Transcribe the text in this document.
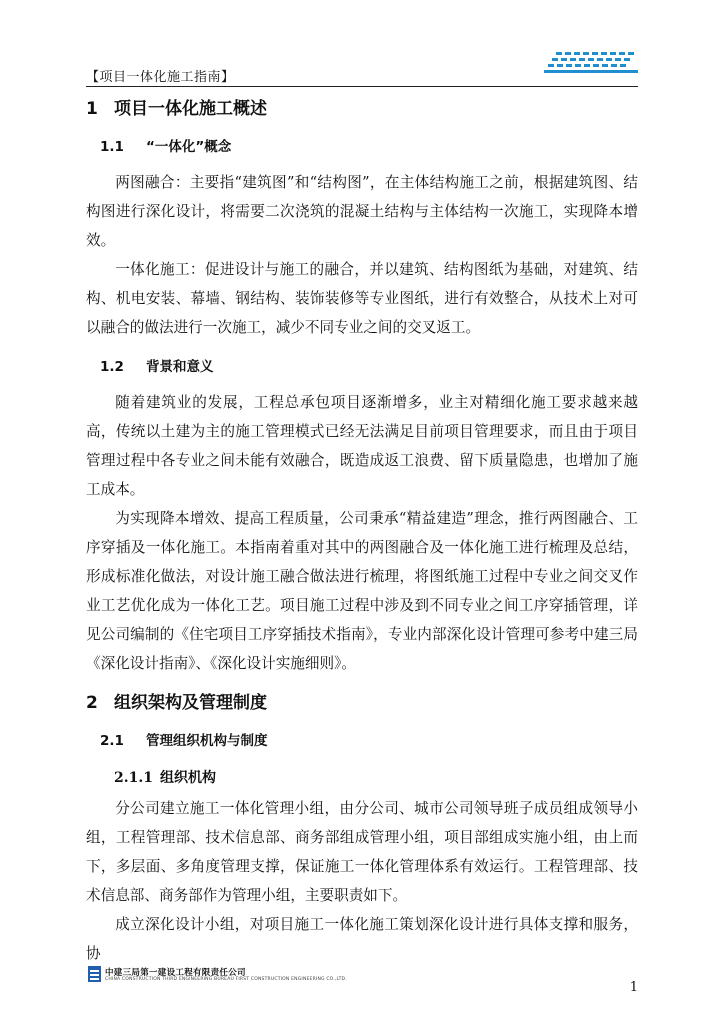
【项目一体化施工指南】
1 项目一体化施工概述
1.1 “一体化”概念

两图融合：主要指“建筑图”和“结构图”，在主体结构施工之前，根据建筑图、结构图进行深化设计，将需要二次浇筑的混凝土结构与主体结构一次施工，实现降本增效。

一体化施工：促进设计与施工的融合，并以建筑、结构图纸为基础，对建筑、结构、机电安装、幕墙、钢结构、装饰装修等专业图纸，进行有效整合，从技术上对可以融合的做法进行一次施工，减少不同专业之间的交叉返工。

1.2 背景和意义

随着建筑业的发展，工程总承包项目逐渐增多，业主对精细化施工要求越来越高，传统以土建为主的施工管理模式已经无法满足目前项目管理要求，而且由于项目管理过程中各专业之间未能有效融合，既造成返工浪费、留下质量隐患，也增加了施工成本。

为实现降本增效、提高工程质量，公司秉承“精益建造”理念，推行两图融合、工序穿插及一体化施工。本指南着重对其中的两图融合及一体化施工进行梳理及总结，形成标准化做法，对设计施工融合做法进行梳理，将图纸施工过程中专业之间交叉作业工艺优化成为一体化工艺。项目施工过程中涉及到不同专业之间工序穿插管理，详见公司编制的《住宅项目工序穿插技术指南》，专业内部深化设计管理可参考中建三局《深化设计指南》、《深化设计实施细则》。

2 组织架构及管理制度
2.1 管理组织机构与制度
2.1.1 组织机构

分公司建立施工一体化管理小组，由分公司、城市公司领导班子成员组成领导小组，工程管理部、技术信息部、商务部组成管理小组，项目部组成实施小组，由上而下，多层面、多角度管理支撑，保证施工一体化管理体系有效运行。工程管理部、技术信息部、商务部作为管理小组，主要职责如下。

成立深化设计小组，对项目施工一体化施工策划深化设计进行具体支撑和服务，协

中建三局第一建设工程有限责任公司
CHINA CONSTRUCTION THIRD ENGINEERING BUREAU FIRST CONSTRUCTION ENGINEERING CO.,LTD.
1
